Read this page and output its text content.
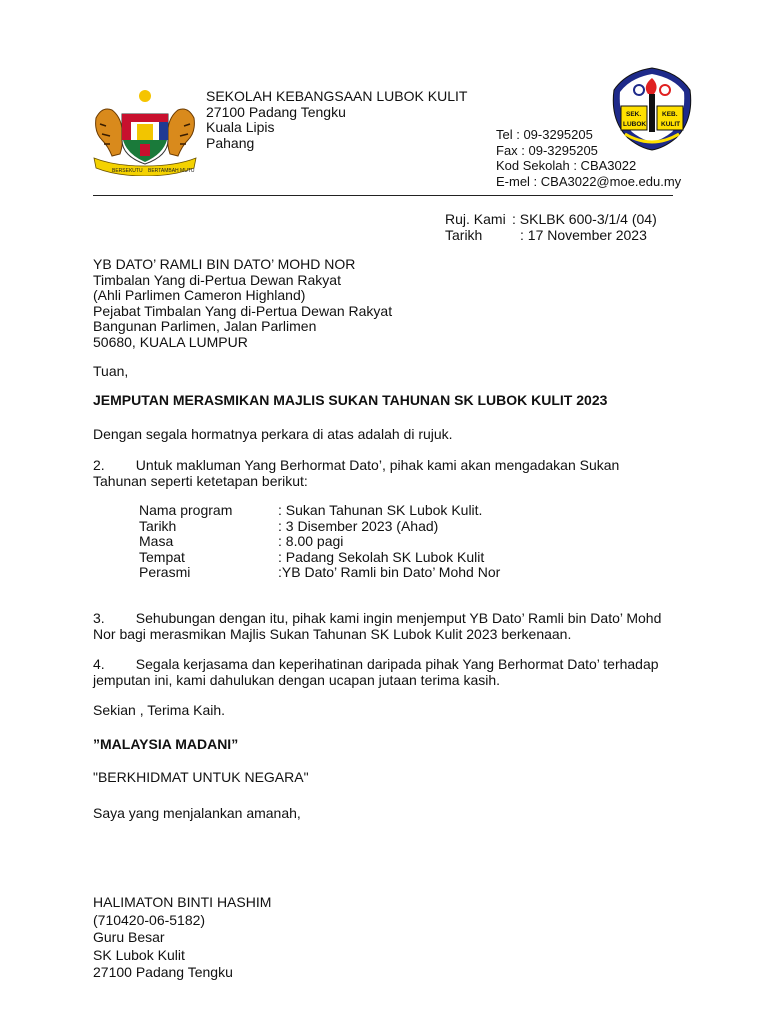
BERSEKUTU BERTAMBAH MUTU
SEKOLAH KEBANGSAAN LUBOK KULIT
27100 Padang Tengku
Kuala Lipis
Pahang
SEK.	KEB.
LUBOK KULIT
Tel : 09-3295205
Fax : 09-3295205
Kod Sekolah : CBA3022
E-mel : CBA3022@moe.edu.my
Ruj. Kami : SKLBK 600-3/1/4 (04)
Tarikh	: 17 November 2023
YB DATO’ RAMLI BIN DATO’ MOHD NOR
Timbalan Yang di-Pertua Dewan Rakyat
(Ahli Parlimen Cameron Highland)
Pejabat Timbalan Yang di-Pertua Dewan Rakyat
Bangunan Parlimen, Jalan Parlimen
50680, KUALA LUMPUR
Tuan,
JEMPUTAN MERASMIKAN MAJLIS SUKAN TAHUNAN SK LUBOK KULIT 2023
Dengan segala hormatnya perkara di atas adalah di rujuk.
2.        Untuk makluman Yang Berhormat Dato’, pihak kami akan mengadakan Sukan
Tahunan seperti ketetapan berikut:
Nama program	: Sukan Tahunan SK Lubok Kulit.
Tarikh	: 3 Disember 2023 (Ahad)
Masa	: 8.00 pagi
Tempat	: Padang Sekolah SK Lubok Kulit
Perasmi	:YB Dato’ Ramli bin Dato’ Mohd Nor
3.        Sehubungan dengan itu, pihak kami ingin menjemput YB Dato’ Ramli bin Dato’ Mohd
Nor bagi merasmikan Majlis Sukan Tahunan SK Lubok Kulit 2023 berkenaan.
4.        Segala kerjasama dan keperihatinan daripada pihak Yang Berhormat Dato’ terhadap
jemputan ini, kami dahulukan dengan ucapan jutaan terima kasih.
Sekian , Terima Kaih.
”MALAYSIA MADANI”
"BERKHIDMAT UNTUK NEGARA"
Saya yang menjalankan amanah,
HALIMATON BINTI HASHIM
(710420-06-5182)
Guru Besar
SK Lubok Kulit
27100 Padang Tengku
